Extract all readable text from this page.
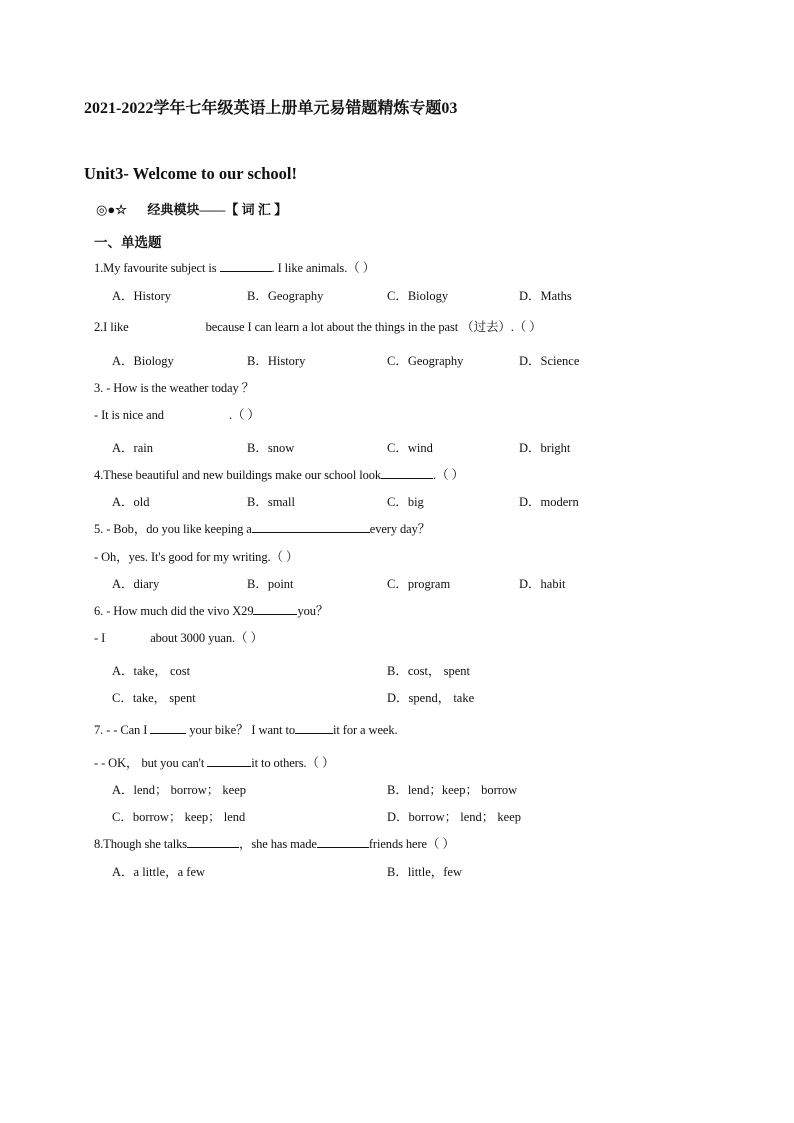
2021-2022学年七年级英语上册单元易错题精炼专题03
Unit3- Welcome to our school!
◎●☆ 经典模块——【 词 汇 】
一、单选题
1.My favourite subject is	. I like animals.（ ）
A．History	B．Geography	C．Biology	D．Maths
2.I like	because I can learn a lot about the things in the past （过去）.（ ）
A．Biology	B．History	C．Geography	D．Science
3. - How is the weather today ？
- It is nice and	.（ ）
A．rain	B．snow	C．wind	D．bright
4.These beautiful and new buildings make our school look	.（ ）
A．old	B．small	C．big	D．modern
5. - Bob，do you like keeping a	every day？
- Oh，yes. It's good for my writing.（ ）
A．diary	B．point	C．program	D．habit
6. - How much did the vivo X29	you？
- I	about 3000 yuan.（ ）
A．take， cost	B．cost， spent
C．take， spent	D．spend， take
7. - - Can I	your bike？ I want to	it for a week.
- - OK， but you can't	it to others.（ ）
A．lend； borrow； keep	B．lend；keep； borrow
C．borrow； keep； lend	D．borrow； lend； keep
8.Though she talks	，she has made	friends here（ ）
A．a little，a few	B．little，few
